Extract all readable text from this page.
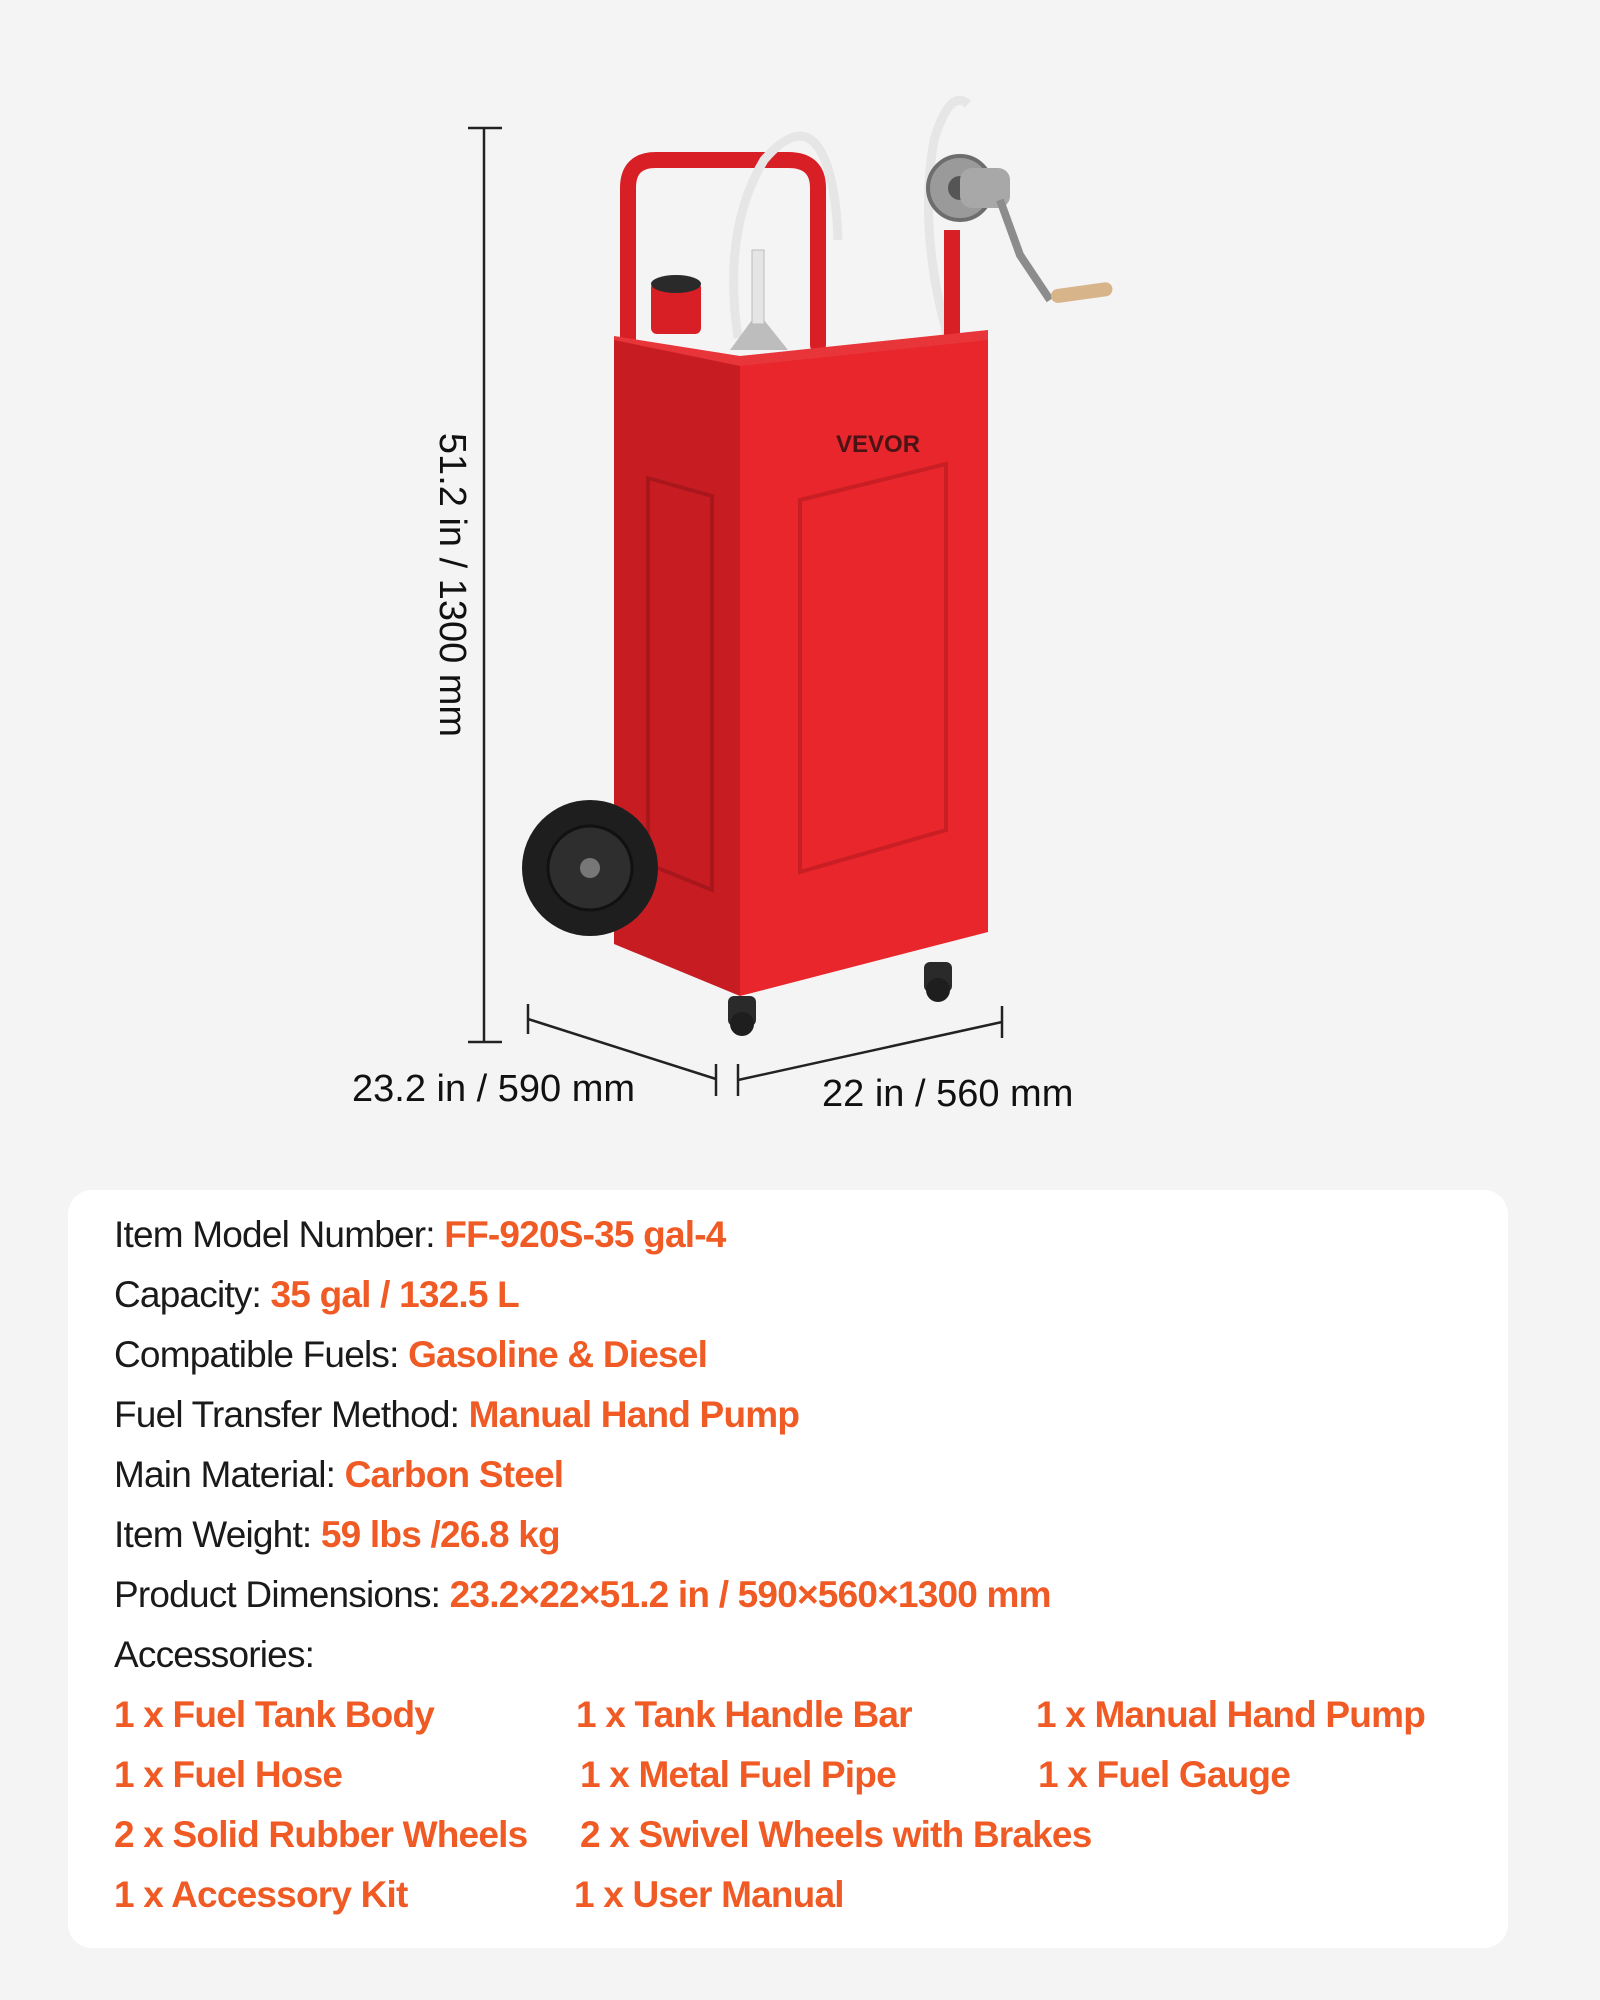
51.2 in / 1300 mm
23.2 in / 590 mm	22 in / 560 mm
VEVOR
Item Model Number: FF-920S-35 gal-4
Capacity: 35 gal / 132.5 L
Compatible Fuels: Gasoline & Diesel
Fuel Transfer Method: Manual Hand Pump
Main Material: Carbon Steel
Item Weight: 59 lbs /26.8 kg
Product Dimensions: 23.2×22×51.2 in / 590×560×1300 mm
Accessories:
1 x Fuel Tank Body	1 x Tank Handle Bar	1 x Manual Hand Pump
1 x Fuel Hose	1 x Metal Fuel Pipe	1 x Fuel Gauge
2 x Solid Rubber Wheels 2 x Swivel Wheels with Brakes
1 x Accessory Kit	1 x User Manual
